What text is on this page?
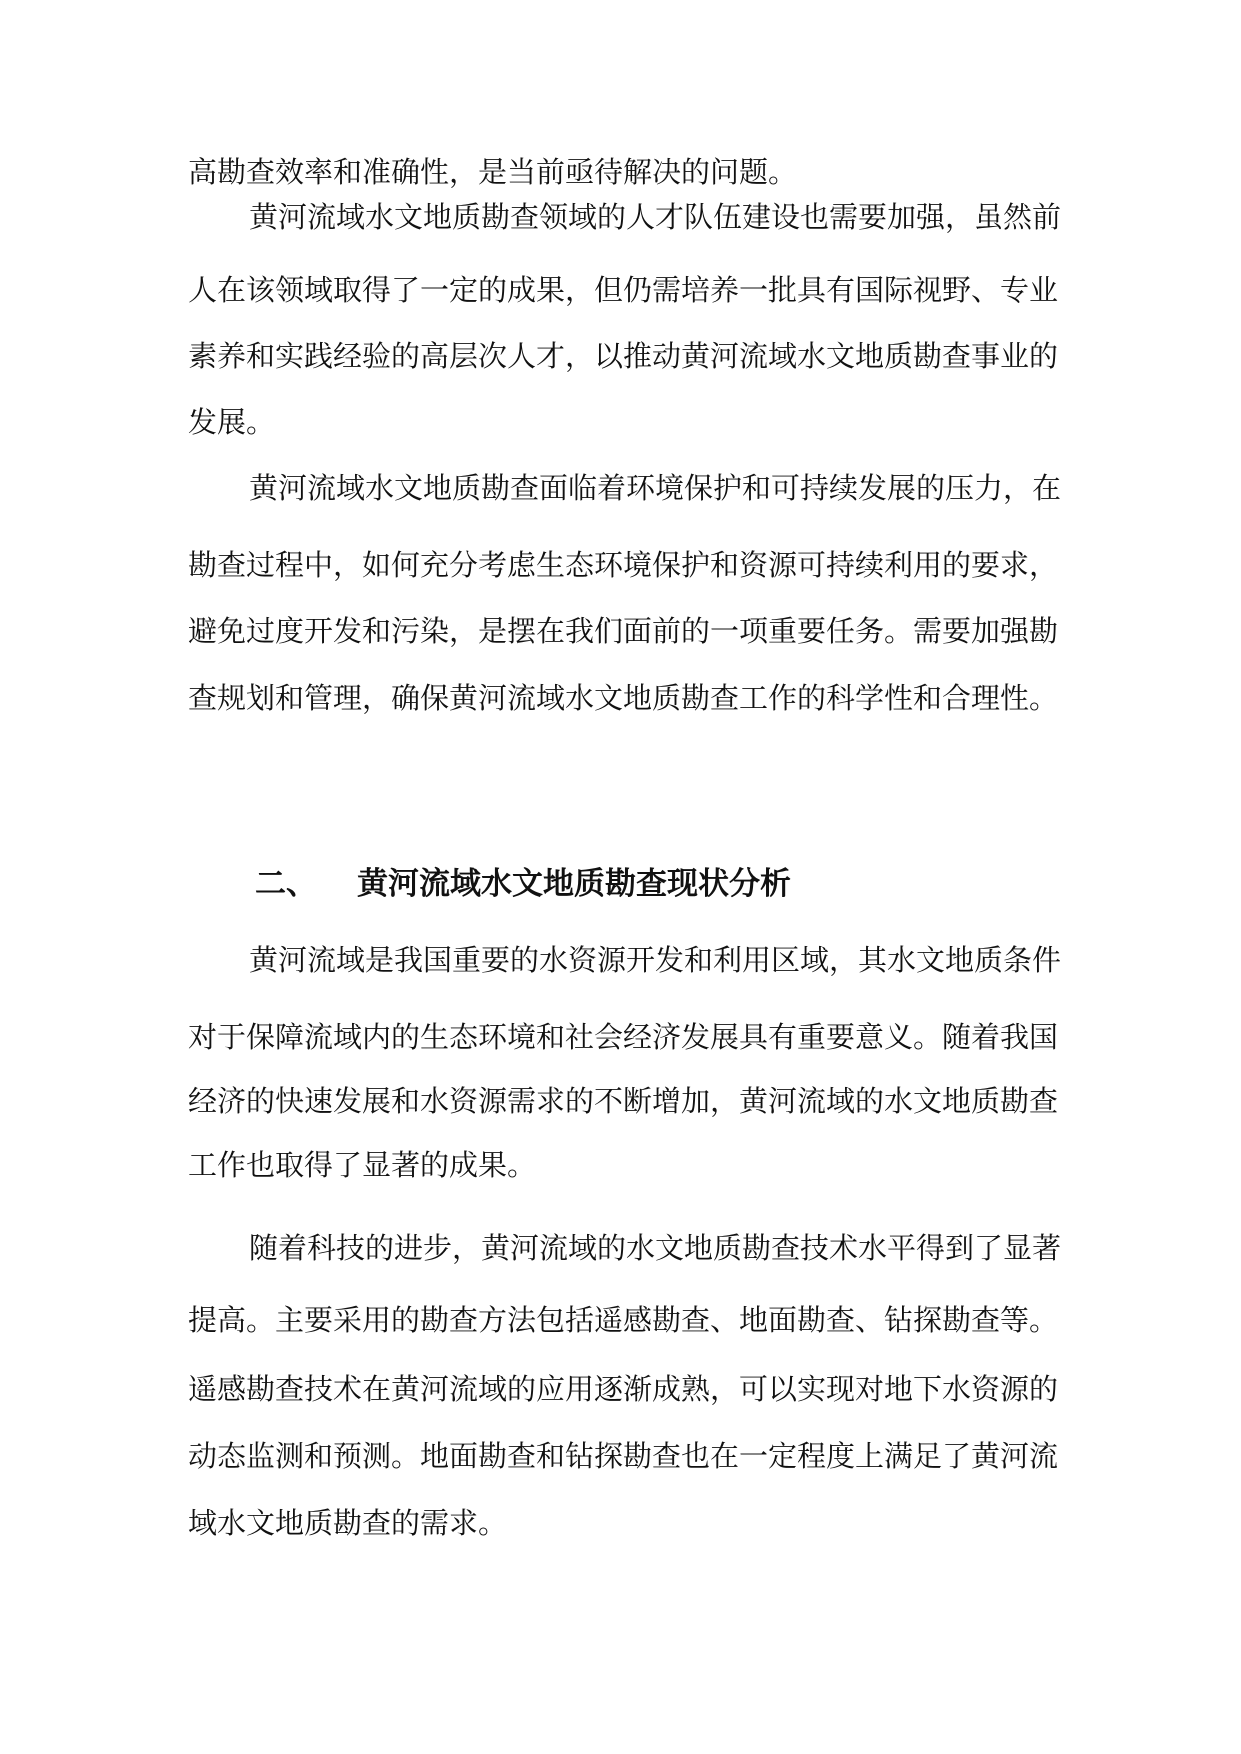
高勘查效率和准确性，是当前亟待解决的问题。
黄河流域水文地质勘查领域的人才队伍建设也需要加强，虽然前
人在该领域取得了一定的成果，但仍需培养一批具有国际视野、专业
素养和实践经验的高层次人才，以推动黄河流域水文地质勘查事业的
发展。
黄河流域水文地质勘查面临着环境保护和可持续发展的压力，在
勘查过程中，如何充分考虑生态环境保护和资源可持续利用的要求，
避免过度开发和污染，是摆在我们面前的一项重要任务。需要加强勘
查规划和管理，确保黄河流域水文地质勘查工作的科学性和合理性。
二、 黄河流域水文地质勘查现状分析
黄河流域是我国重要的水资源开发和利用区域，其水文地质条件
对于保障流域内的生态环境和社会经济发展具有重要意义。随着我国
经济的快速发展和水资源需求的不断增加，黄河流域的水文地质勘查
工作也取得了显著的成果。
随着科技的进步，黄河流域的水文地质勘查技术水平得到了显著
提高。主要采用的勘查方法包括遥感勘查、地面勘查、钻探勘查等。
遥感勘查技术在黄河流域的应用逐渐成熟，可以实现对地下水资源的
动态监测和预测。地面勘查和钻探勘查也在一定程度上满足了黄河流
域水文地质勘查的需求。
